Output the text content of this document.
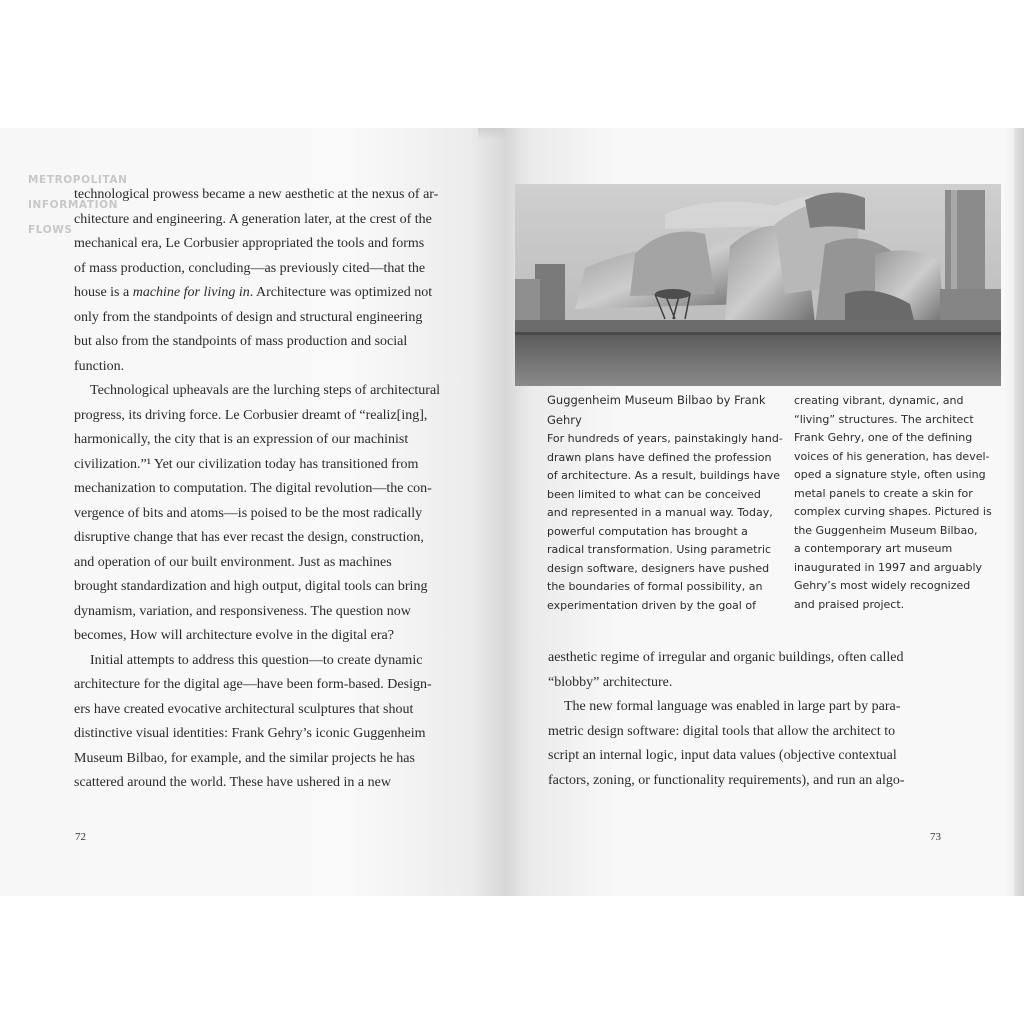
METROPOLITAN
INFORMATION
FLOWS
technological prowess became a new aesthetic at the nexus of ar-
chitecture and engineering. A generation later, at the crest of the
mechanical era, Le Corbusier appropriated the tools and forms
of mass production, concluding—as previously cited—that the
house is a machine for living in. Architecture was optimized not
only from the standpoints of design and structural engineering
but also from the standpoints of mass production and social
function.
Technological upheavals are the lurching steps of architectural
progress, its driving force. Le Corbusier dreamt of “realiz[ing],
harmonically, the city that is an expression of our machinist
civilization.”¹ Yet our civilization today has transitioned from
mechanization to computation. The digital revolution—the con-
vergence of bits and atoms—is poised to be the most radically
disruptive change that has ever recast the design, construction,
and operation of our built environment. Just as machines
brought standardization and high output, digital tools can bring
dynamism, variation, and responsiveness. The question now
becomes, How will architecture evolve in the digital era?
Initial attempts to address this question—to create dynamic
architecture for the digital age—have been form-based. Design-
ers have created evocative architectural sculptures that shout
distinctive visual identities: Frank Gehry’s iconic Guggenheim
Museum Bilbao, for example, and the similar projects he has
scattered around the world. These have ushered in a new
72
Guggenheim Museum Bilbao by Frank
Gehry
For hundreds of years, painstakingly hand-
drawn plans have defined the profession
of architecture. As a result, buildings have
been limited to what can be conceived
and represented in a manual way. Today,
powerful computation has brought a
radical transformation. Using parametric
design software, designers have pushed
the boundaries of formal possibility, an
experimentation driven by the goal of
creating vibrant, dynamic, and
“living” structures. The architect
Frank Gehry, one of the defining
voices of his generation, has devel-
oped a signature style, often using
metal panels to create a skin for
complex curving shapes. Pictured is
the Guggenheim Museum Bilbao,
a contemporary art museum
inaugurated in 1997 and arguably
Gehry’s most widely recognized
and praised project.
aesthetic regime of irregular and organic buildings, often called
“blobby” architecture.
The new formal language was enabled in large part by para-
metric design software: digital tools that allow the architect to
script an internal logic, input data values (objective contextual
factors, zoning, or functionality requirements), and run an algo-
73
